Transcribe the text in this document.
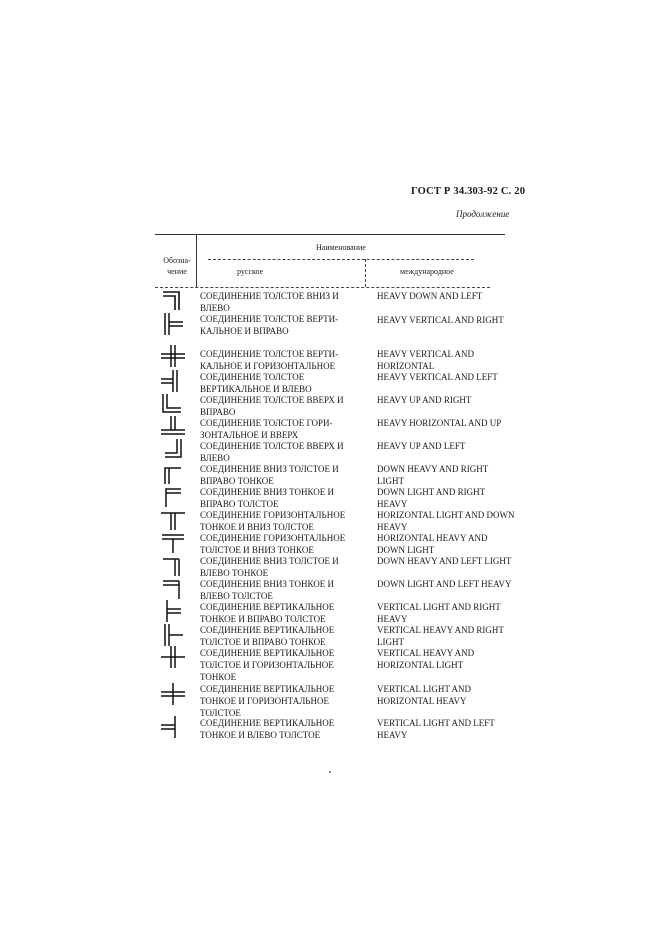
ГОСТ Р 34.303-92 С. 20
Продолжение
Обозна-
чение
Наименование
русское	международное
СОЕДИНЕНИЕ ТОЛСТОЕ ВНИЗ И ВЛЕВО
СОЕДИНЕНИЕ ТОЛСТОЕ ВЕРТИ-КАЛЬНОЕ И ВПРАВО
СОЕДИНЕНИЕ ТОЛСТОЕ ВЕРТИ-КАЛЬНОЕ И ГОРИЗОНТАЛЬНОЕ
СОЕДИНЕНИЕ ТОЛСТОЕ ВЕРТИКАЛЬНОЕ И ВЛЕВО
СОЕДИНЕНИЕ ТОЛСТОЕ ВВЕРХ И ВПРАВО
СОЕДИНЕНИЕ ТОЛСТОЕ ГОРИ-ЗОНТАЛЬНОЕ И ВВЕРХ
СОЕДИНЕНИЕ ТОЛСТОЕ ВВЕРХ И ВЛЕВО
СОЕДИНЕНИЕ ВНИЗ ТОЛСТОЕ И ВПРАВО ТОНКОЕ
СОЕДИНЕНИЕ ВНИЗ ТОНКОЕ И ВПРАВО ТОЛСТОЕ
СОЕДИНЕНИЕ ГОРИЗОНТАЛЬНОЕ ТОНКОЕ И ВНИЗ ТОЛСТОЕ
СОЕДИНЕНИЕ ГОРИЗОНТАЛЬНОЕ ТОЛСТОЕ И ВНИЗ ТОНКОЕ
СОЕДИНЕНИЕ ВНИЗ ТОЛСТОЕ И ВЛЕВО ТОНКОЕ
СОЕДИНЕНИЕ ВНИЗ ТОНКОЕ И ВЛЕВО ТОЛСТОЕ
СОЕДИНЕНИЕ ВЕРТИКАЛЬНОЕ ТОНКОЕ И ВПРАВО ТОЛСТОЕ
СОЕДИНЕНИЕ ВЕРТИКАЛЬНОЕ ТОЛСТОЕ И ВПРАВО ТОНКОЕ
СОЕДИНЕНИЕ ВЕРТИКАЛЬНОЕ ТОЛСТОЕ И ГОРИЗОНТАЛЬНОЕ ТОНКОЕ
СОЕДИНЕНИЕ ВЕРТИКАЛЬНОЕ ТОНКОЕ И ГОРИЗОНТАЛЬНОЕ ТОЛСТОЕ
СОЕДИНЕНИЕ ВЕРТИКАЛЬНОЕ ТОНКОЕ И ВЛЕВО ТОЛСТОЕ
HEAVY DOWN AND LEFT
HEAVY VERTICAL AND RIGHT
HEAVY VERTICAL AND HORIZONTAL
HEAVY VERTICAL AND LEFT
HEAVY UP AND RIGHT
HEAVY HORIZONTAL AND UP
HEAVY UP AND LEFT
DOWN HEAVY AND RIGHT LIGHT
DOWN LIGHT AND RIGHT HEAVY
HORIZONTAL LIGHT AND DOWN HEAVY
HORIZONTAL HEAVY AND DOWN LIGHT
DOWN HEAVY AND LEFT LIGHT
DOWN LIGHT AND LEFT HEAVY
VERTICAL LIGHT AND RIGHT HEAVY
VERTICAL HEAVY AND RIGHT LIGHT
VERTICAL HEAVY AND HORIZONTAL LIGHT
VERTICAL LIGHT AND HORIZONTAL HEAVY
VERTICAL LIGHT AND LEFT HEAVY
